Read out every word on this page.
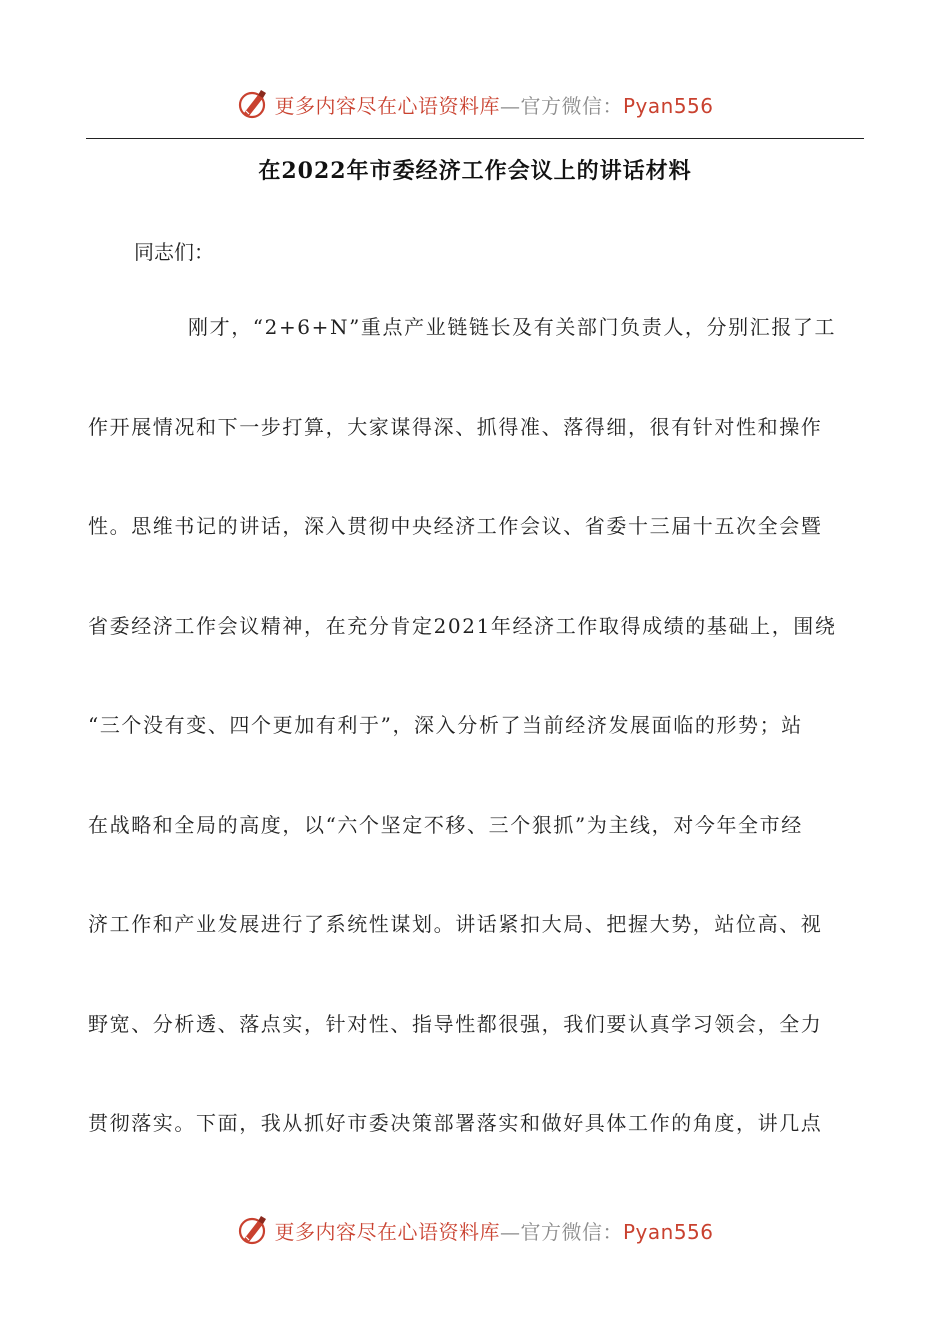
更多内容尽在心语资料库—官方微信：Pyan556
在2022年市委经济工作会议上的讲话材料
同志们：
刚才，“2+6+N”重点产业链链长及有关部门负责人，分别汇报了工
作开展情况和下一步打算，大家谋得深、抓得准、落得细，很有针对性和操作
性。思维书记的讲话，深入贯彻中央经济工作会议、省委十三届十五次全会暨
省委经济工作会议精神，在充分肯定2021年经济工作取得成绩的基础上，围绕
“三个没有变、四个更加有利于”，深入分析了当前经济发展面临的形势；站
在战略和全局的高度，以“六个坚定不移、三个狠抓”为主线，对今年全市经
济工作和产业发展进行了系统性谋划。讲话紧扣大局、把握大势，站位高、视
野宽、分析透、落点实，针对性、指导性都很强，我们要认真学习领会，全力
贯彻落实。下面，我从抓好市委决策部署落实和做好具体工作的角度，讲几点
更多内容尽在心语资料库—官方微信：Pyan556
